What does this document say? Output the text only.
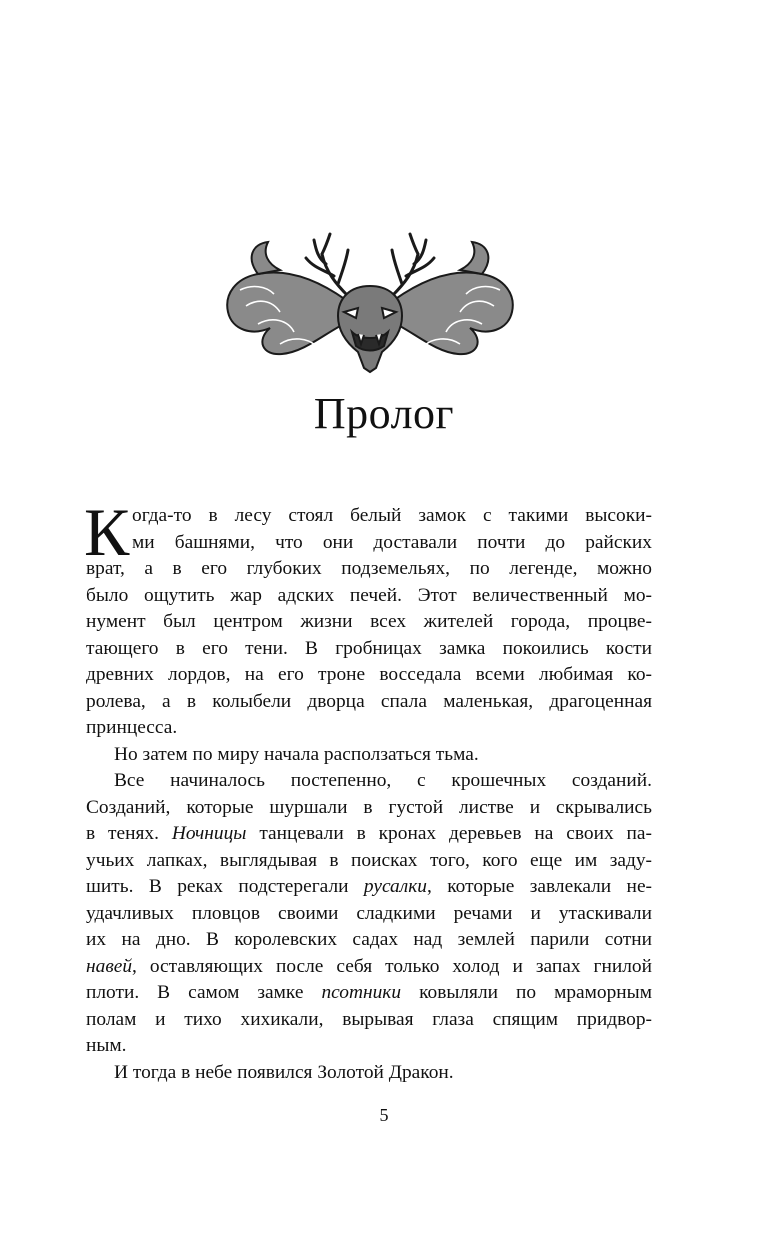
Пролог
К огда-то в лесу стоял белый замок с такими высоки-
ми башнями, что они доставали почти до райских
врат, а в его глубоких подземельях, по легенде, можно
было ощутить жар адских печей. Этот величественный мо-
нумент был центром жизни всех жителей города, процве-
тающего в его тени. В гробницах замка покоились кости
древних лордов, на его троне восседала всеми любимая ко-
ролева, а в колыбели дворца спала маленькая, драгоценная
принцесса.
Но затем по миру начала расползаться тьма.
Все начиналось постепенно, с крошечных созданий.
Созданий, которые шуршали в густой листве и скрывались
в тенях. Ночницы танцевали в кронах деревьев на своих па-
учьих лапках, выглядывая в поисках того, кого еще им заду-
шить. В реках подстерегали русалки, которые завлекали не-
удачливых пловцов своими сладкими речами и утаскивали
их на дно. В королевских садах над землей парили сотни
навей, оставляющих после себя только холод и запах гнилой
плоти. В самом замке псотники ковыляли по мраморным
полам и тихо хихикали, вырывая глаза спящим придвор-
ным.
И тогда в небе появился Золотой Дракон.
5
